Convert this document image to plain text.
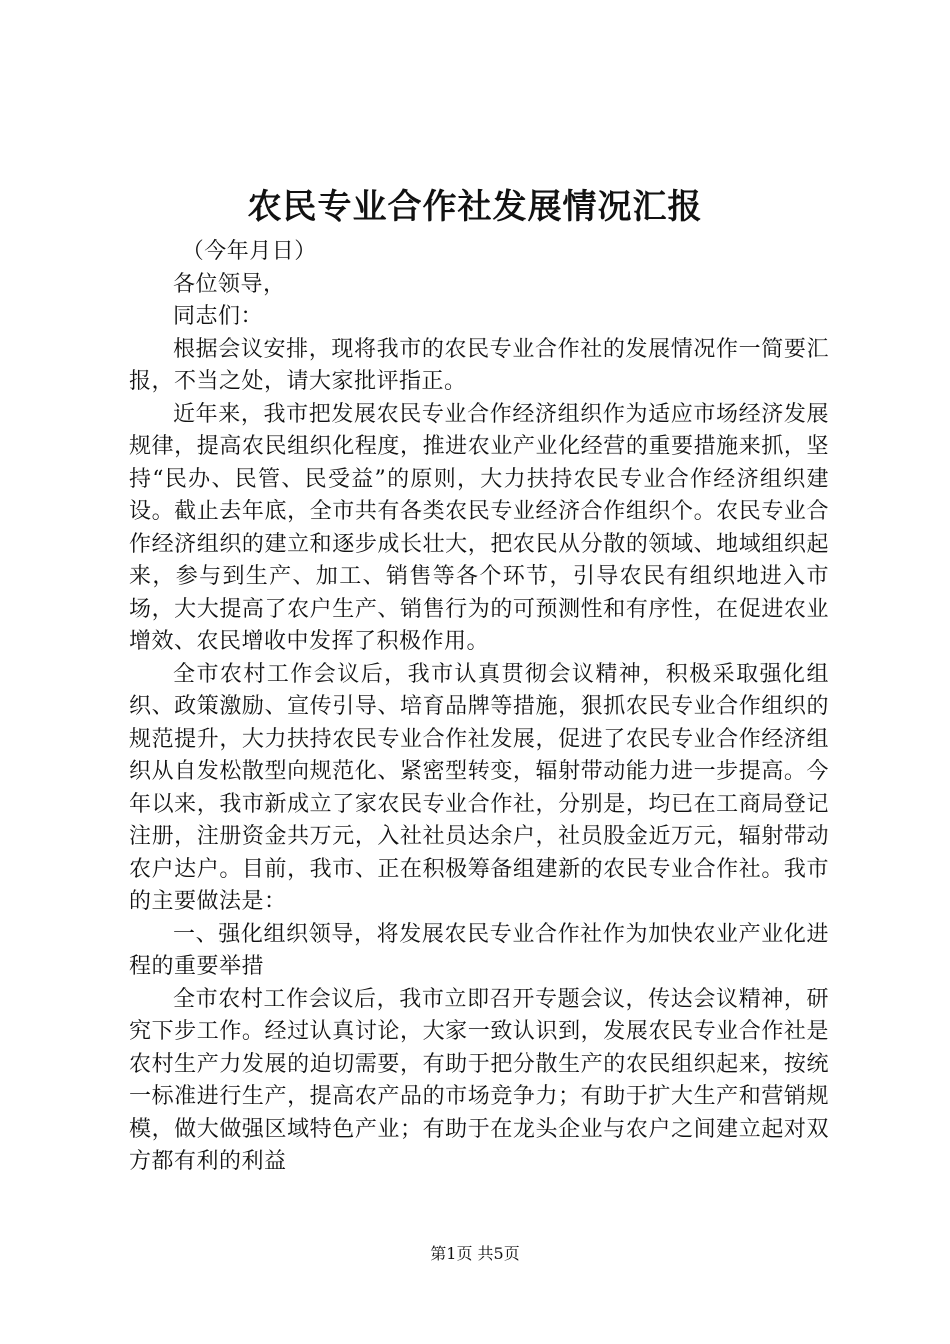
农民专业合作社发展情况汇报

（今年月日）

各位领导，

同志们：

根据会议安排，现将我市的农民专业合作社的发展情况作一简要汇报，不当之处，请大家批评指正。

近年来，我市把发展农民专业合作经济组织作为适应市场经济发展规律，提高农民组织化程度，推进农业产业化经营的重要措施来抓，坚持“民办、民管、民受益”的原则，大力扶持农民专业合作经济组织建设。截止去年底，全市共有各类农民专业经济合作组织个。农民专业合作经济组织的建立和逐步成长壮大，把农民从分散的领域、地域组织起来，参与到生产、加工、销售等各个环节，引导农民有组织地进入市场，大大提高了农户生产、销售行为的可预测性和有序性，在促进农业增效、农民增收中发挥了积极作用。

全市农村工作会议后，我市认真贯彻会议精神，积极采取强化组织、政策激励、宣传引导、培育品牌等措施，狠抓农民专业合作组织的规范提升，大力扶持农民专业合作社发展，促进了农民专业合作经济组织从自发松散型向规范化、紧密型转变，辐射带动能力进一步提高。今年以来，我市新成立了家农民专业合作社，分别是，均已在工商局登记注册，注册资金共万元，入社社员达余户，社员股金近万元，辐射带动农户达户。目前，我市、正在积极筹备组建新的农民专业合作社。我市的主要做法是：

一、强化组织领导，将发展农民专业合作社作为加快农业产业化进程的重要举措

全市农村工作会议后，我市立即召开专题会议，传达会议精神，研究下步工作。经过认真讨论，大家一致认识到，发展农民专业合作社是农村生产力发展的迫切需要，有助于把分散生产的农民组织起来，按统一标准进行生产，提高农产品的市场竞争力；有助于扩大生产和营销规模，做大做强区域特色产业；有助于在龙头企业与农户之间建立起对双方都有利的利益

第1页 共5页
